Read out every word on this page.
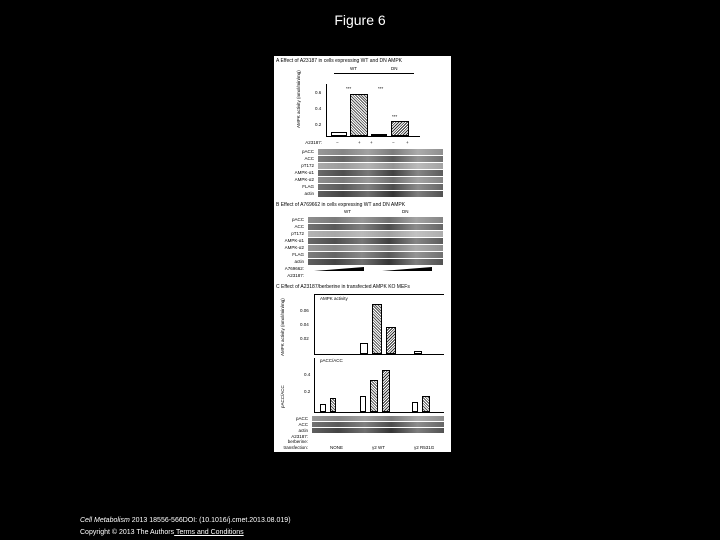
Figure 6
A Effect of A23187 in cells expressing WT and DN AMPK
WT	DN
AMPK activity (nmol/min/mg)	0.6
0.4
0.2
***	***
***
A23187:	−	+ +	−	+
pACC
ACC
pT172
AMPK-α1
AMPK-α2
FLAG
actin
B Effect of A769662 in cells expressing WT and DN AMPK
WT	DN
pACC
ACC
pT172
AMPK-α1
AMPK-α2
FLAG
actin
A769662:
A23187:
C Effect of A23187/berberine in transfected AMPK KO MEFs
AMPK activity
AMPK activity (nmol/min/mg)	0.06
0.04
0.02
pACC/ACC
pACC/ACC
0.4
0.2
pACC
ACC
actin
A23187:
berberine:
transfection:	NONE	γ2 WT	γ2 R531G
Cell Metabolism 2013 18556-566DOI: (10.1016/j.cmet.2013.08.019)
Copyright © 2013 The Authors Terms and Conditions
